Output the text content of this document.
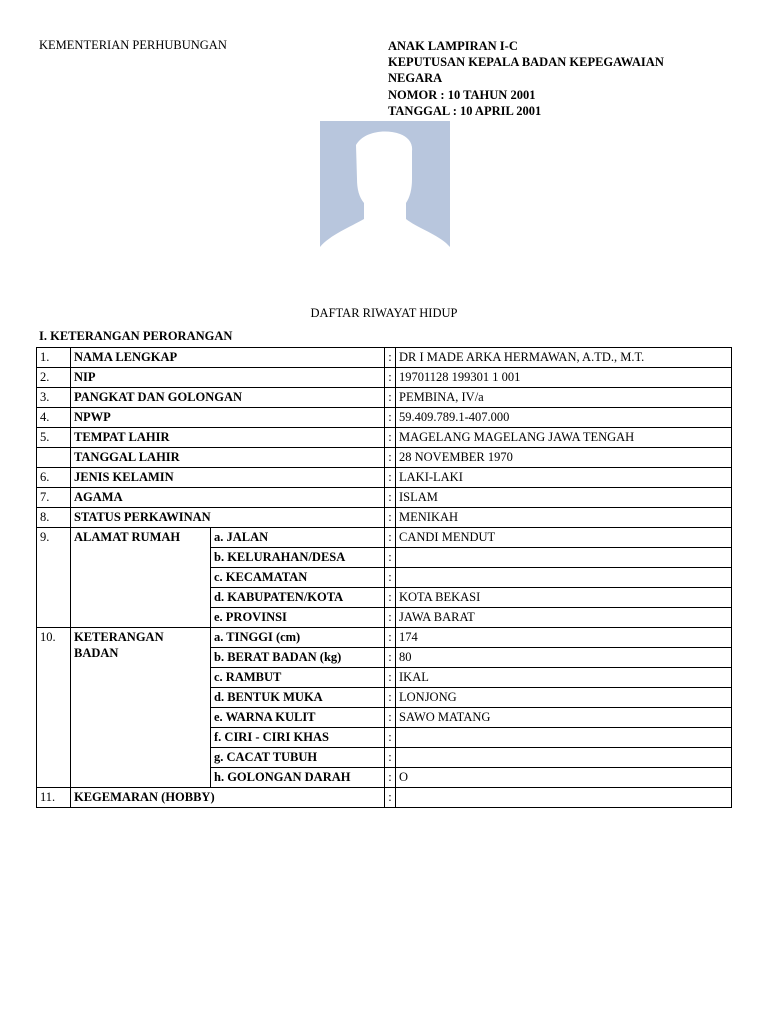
KEMENTERIAN PERHUBUNGAN	ANAK LAMPIRAN I-C
KEPUTUSAN KEPALA BADAN KEPEGAWAIAN
NEGARA
NOMOR : 10 TAHUN 2001
TANGGAL : 10 APRIL 2001
DAFTAR RIWAYAT HIDUP
I. KETERANGAN PERORANGAN
1.	NAMA LENGKAP		:	DR I MADE ARKA HERMAWAN, A.TD., M.T.
2.	NIP		:	19701128 199301 1 001
3.	PANGKAT DAN GOLONGAN		:	PEMBINA, IV/a
4.	NPWP		:	59.409.789.1-407.000
5.	TEMPAT LAHIR		:	MAGELANG MAGELANG JAWA TENGAH
	TANGGAL LAHIR		:	28 NOVEMBER 1970
6.	JENIS KELAMIN		:	LAKI-LAKI
7.	AGAMA		:	ISLAM
8.	STATUS PERKAWINAN		:	MENIKAH
9.	ALAMAT RUMAH	a. JALAN	:	CANDI MENDUT
		b. KELURAHAN/DESA	:	
		c. KECAMATAN	:	
		d. KABUPATEN/KOTA	:	KOTA BEKASI
		e. PROVINSI	:	JAWA BARAT
10.	KETERANGAN BADAN	a. TINGGI (cm)	:	174
		b. BERAT BADAN (kg)	:	80
		c. RAMBUT	:	IKAL
		d. BENTUK MUKA	:	LONJONG
		e. WARNA KULIT	:	SAWO MATANG
		f. CIRI - CIRI KHAS	:	
		g. CACAT TUBUH	:	
		h. GOLONGAN DARAH	:	O
11.	KEGEMARAN (HOBBY)		:	
